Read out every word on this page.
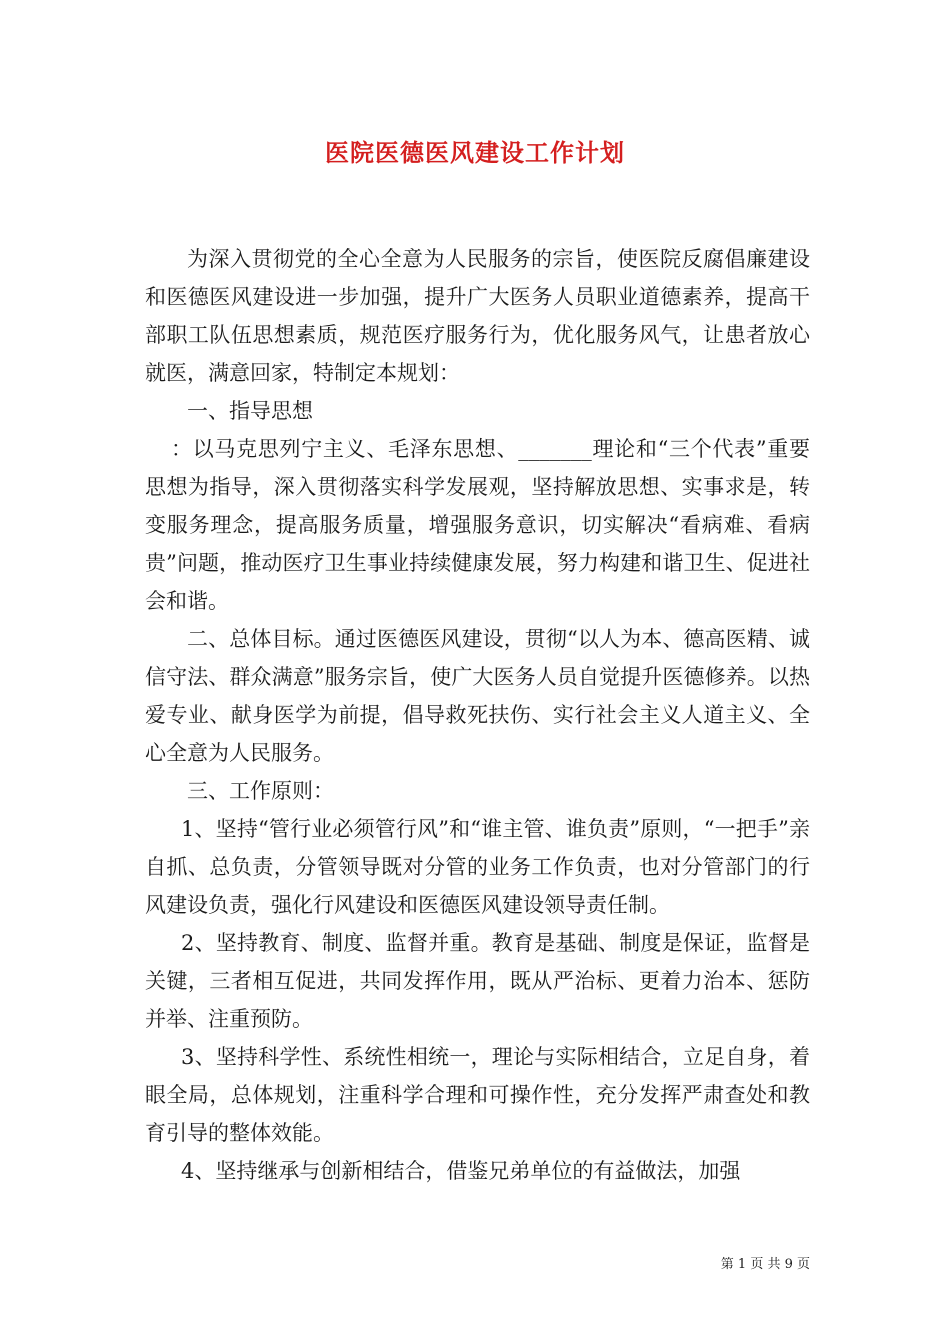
医院医德医风建设工作计划

为深入贯彻党的全心全意为人民服务的宗旨，使医院反腐倡廉建设和医德医风建设进一步加强，提升广大医务人员职业道德素养，提高干部职工队伍思想素质，规范医疗服务行为，优化服务风气，让患者放心就医，满意回家，特制定本规划：

一、指导思想

：以马克思列宁主义、毛泽东思想、_______理论和“三个代表”重要思想为指导，深入贯彻落实科学发展观，坚持解放思想、实事求是，转变服务理念，提高服务质量，增强服务意识，切实解决“看病难、看病贵”问题，推动医疗卫生事业持续健康发展，努力构建和谐卫生、促进社会和谐。

二、总体目标。通过医德医风建设，贯彻“以人为本、德高医精、诚信守法、群众满意”服务宗旨，使广大医务人员自觉提升医德修养。以热爱专业、献身医学为前提，倡导救死扶伤、实行社会主义人道主义、全心全意为人民服务。

三、工作原则：

1、坚持“管行业必须管行风”和“谁主管、谁负责”原则，“一把手”亲自抓、总负责，分管领导既对分管的业务工作负责，也对分管部门的行风建设负责，强化行风建设和医德医风建设领导责任制。

2、坚持教育、制度、监督并重。教育是基础、制度是保证，监督是关键，三者相互促进，共同发挥作用，既从严治标、更着力治本、惩防并举、注重预防。

3、坚持科学性、系统性相统一，理论与实际相结合，立足自身，着眼全局，总体规划，注重科学合理和可操作性，充分发挥严肃查处和教育引导的整体效能。

4、坚持继承与创新相结合，借鉴兄弟单位的有益做法，加强

第 1 页 共 9 页
